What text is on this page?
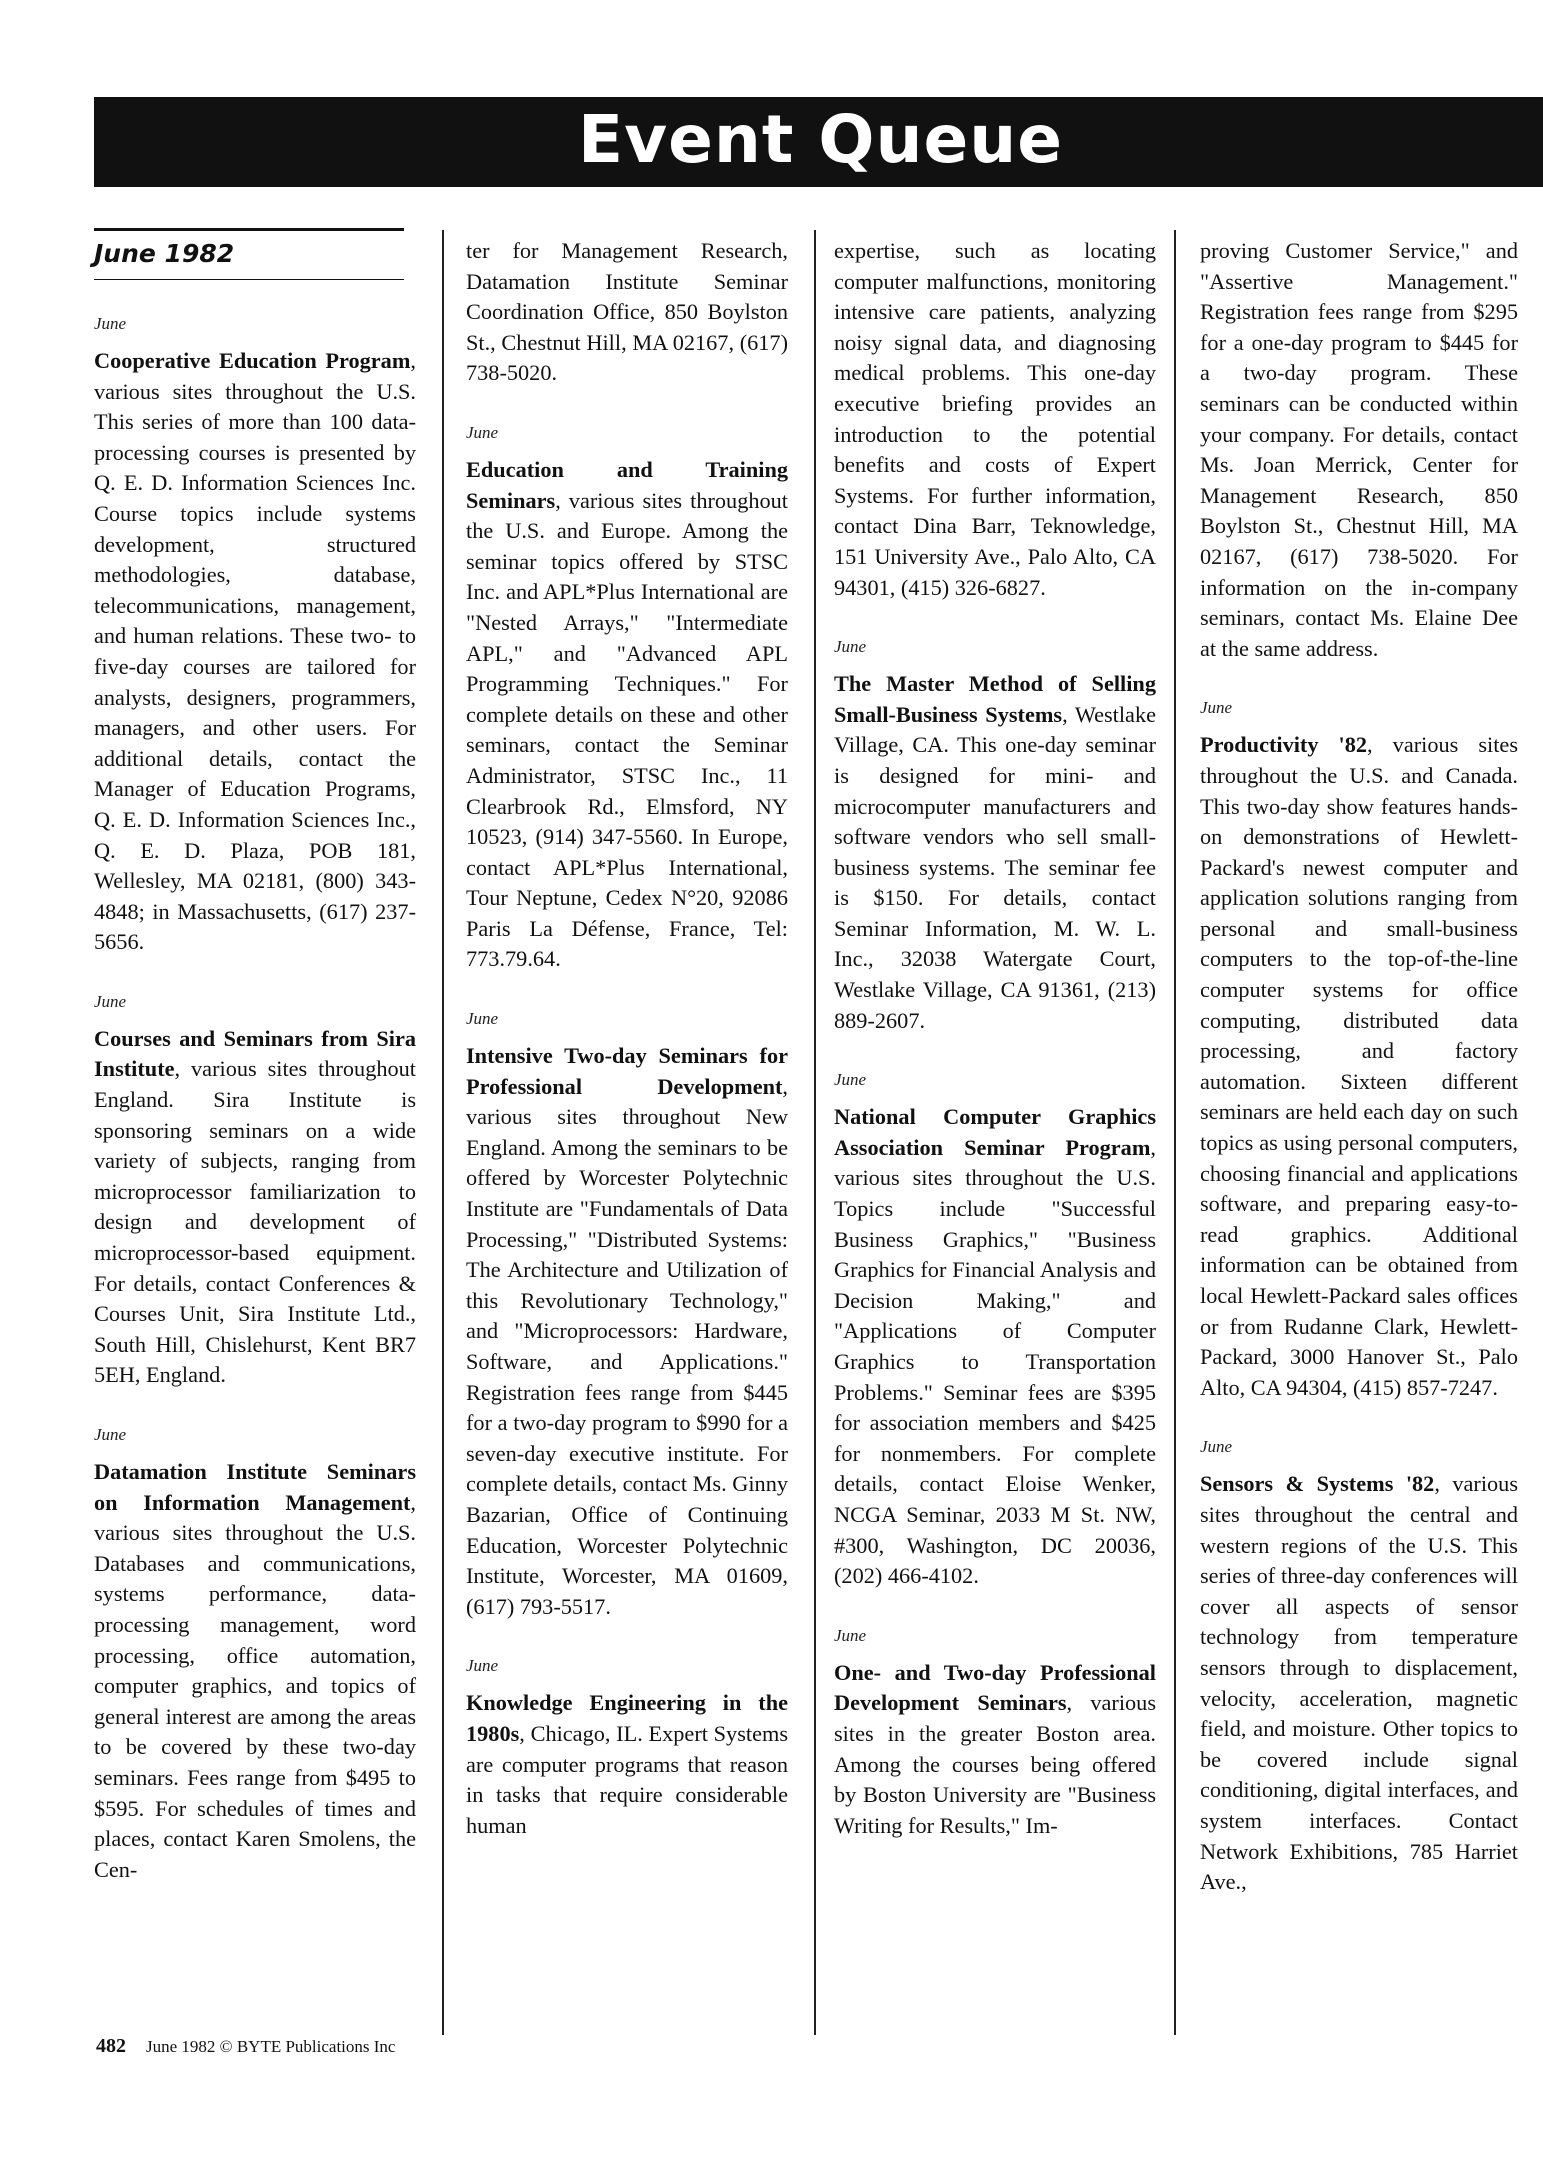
Event Queue
June 1982
June

Cooperative Education Program, various sites throughout the U.S. This series of more than 100 data-processing courses is presented by Q. E. D. Information Sciences Inc. Course topics include systems development, structured methodologies, database, telecommunications, management, and human relations. These two- to five-day courses are tailored for analysts, designers, programmers, managers, and other users. For additional details, contact the Manager of Education Programs, Q. E. D. Information Sciences Inc., Q. E. D. Plaza, POB 181, Wellesley, MA 02181, (800) 343-4848; in Massachusetts, (617) 237-5656.

June

Courses and Seminars from Sira Institute, various sites throughout England. Sira Institute is sponsoring seminars on a wide variety of subjects, ranging from microprocessor familiarization to design and development of microprocessor-based equipment. For details, contact Conferences & Courses Unit, Sira Institute Ltd., South Hill, Chislehurst, Kent BR7 5EH, England.

June

Datamation Institute Seminars on Information Management, various sites throughout the U.S. Databases and communications, systems performance, data-processing management, word processing, office automation, computer graphics, and topics of general interest are among the areas to be covered by these two-day seminars. Fees range from $495 to $595. For schedules of times and places, contact Karen Smolens, the Cen-

ter for Management Research, Datamation Institute Seminar Coordination Office, 850 Boylston St., Chestnut Hill, MA 02167, (617) 738-5020.

June

Education and Training Seminars, various sites throughout the U.S. and Europe. Among the seminar topics offered by STSC Inc. and APL*Plus International are "Nested Arrays," "Intermediate APL," and "Advanced APL Programming Techniques." For complete details on these and other seminars, contact the Seminar Administrator, STSC Inc., 11 Clearbrook Rd., Elmsford, NY 10523, (914) 347-5560. In Europe, contact APL*Plus International, Tour Neptune, Cedex N°20, 92086 Paris La Défense, France, Tel: 773.79.64.

June

Intensive Two-day Seminars for Professional Development, various sites throughout New England. Among the seminars to be offered by Worcester Polytechnic Institute are "Fundamentals of Data Processing," "Distributed Systems: The Architecture and Utilization of this Revolutionary Technology," and "Microprocessors: Hardware, Software, and Applications." Registration fees range from $445 for a two-day program to $990 for a seven-day executive institute. For complete details, contact Ms. Ginny Bazarian, Office of Continuing Education, Worcester Polytechnic Institute, Worcester, MA 01609, (617) 793-5517.

June

Knowledge Engineering in the 1980s, Chicago, IL. Expert Systems are computer programs that reason in tasks that require considerable human

expertise, such as locating computer malfunctions, monitoring intensive care patients, analyzing noisy signal data, and diagnosing medical problems. This one-day executive briefing provides an introduction to the potential benefits and costs of Expert Systems. For further information, contact Dina Barr, Teknowledge, 151 University Ave., Palo Alto, CA 94301, (415) 326-6827.

June

The Master Method of Selling Small-Business Systems, Westlake Village, CA. This one-day seminar is designed for mini- and microcomputer manufacturers and software vendors who sell small-business systems. The seminar fee is $150. For details, contact Seminar Information, M. W. L. Inc., 32038 Watergate Court, Westlake Village, CA 91361, (213) 889-2607.

June

National Computer Graphics Association Seminar Program, various sites throughout the U.S. Topics include "Successful Business Graphics," "Business Graphics for Financial Analysis and Decision Making," and "Applications of Computer Graphics to Transportation Problems." Seminar fees are $395 for association members and $425 for nonmembers. For complete details, contact Eloise Wenker, NCGA Seminar, 2033 M St. NW, #300, Washington, DC 20036, (202) 466-4102.

June

One- and Two-day Professional Development Seminars, various sites in the greater Boston area. Among the courses being offered by Boston University are "Business Writing for Results," Im-

proving Customer Service," and "Assertive Management." Registration fees range from $295 for a one-day program to $445 for a two-day program. These seminars can be conducted within your company. For details, contact Ms. Joan Merrick, Center for Management Research, 850 Boylston St., Chestnut Hill, MA 02167, (617) 738-5020. For information on the in-company seminars, contact Ms. Elaine Dee at the same address.

June

Productivity '82, various sites throughout the U.S. and Canada. This two-day show features hands-on demonstrations of Hewlett-Packard's newest computer and application solutions ranging from personal and small-business computers to the top-of-the-line computer systems for office computing, distributed data processing, and factory automation. Sixteen different seminars are held each day on such topics as using personal computers, choosing financial and applications software, and preparing easy-to-read graphics. Additional information can be obtained from local Hewlett-Packard sales offices or from Rudanne Clark, Hewlett-Packard, 3000 Hanover St., Palo Alto, CA 94304, (415) 857-7247.

June

Sensors & Systems '82, various sites throughout the central and western regions of the U.S. This series of three-day conferences will cover all aspects of sensor technology from temperature sensors through to displacement, velocity, acceleration, magnetic field, and moisture. Other topics to be covered include signal conditioning, digital interfaces, and system interfaces. Contact Network Exhibitions, 785 Harriet Ave.,

482 June 1982 © BYTE Publications Inc
